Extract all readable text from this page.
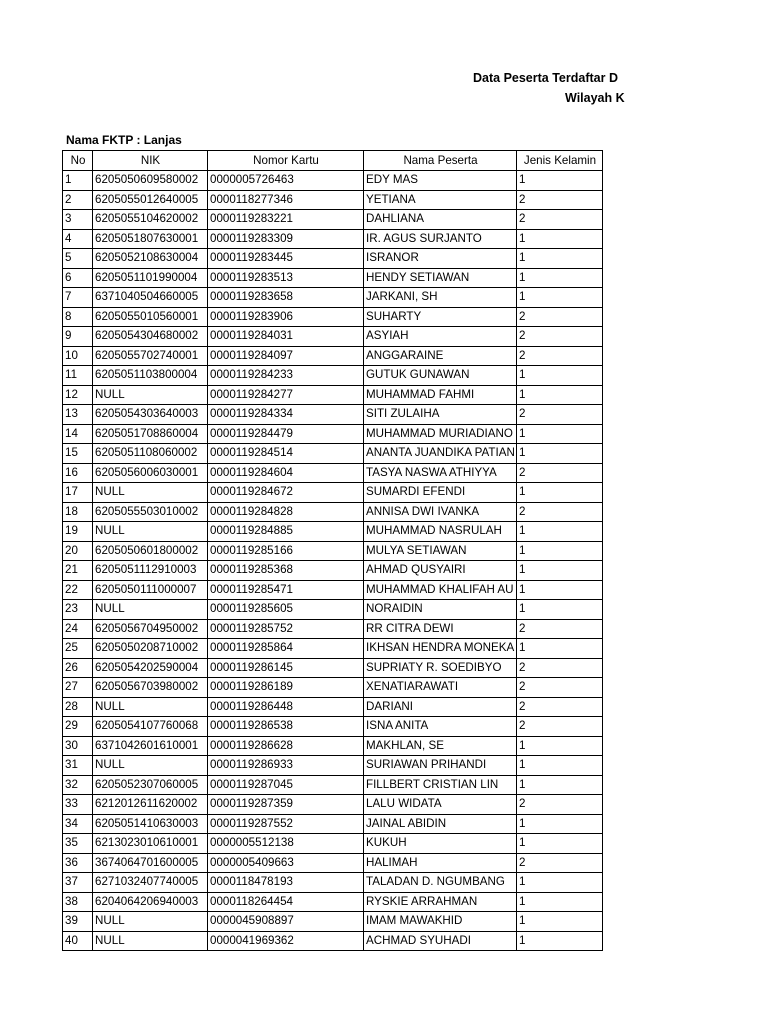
Data Peserta Terdaftar D
Wilayah K
Nama FKTP : Lanjas
No	NIK	Nomor Kartu	Nama Peserta	Jenis Kelamin
1	6205050609580002	0000005726463	EDY MAS	1
2	6205055012640005	0000118277346	YETIANA	2
3	6205055104620002	0000119283221	DAHLIANA	2
4	6205051807630001	0000119283309	IR. AGUS SURJANTO	1
5	6205052108630004	0000119283445	ISRANOR	1
6	6205051101990004	0000119283513	HENDY SETIAWAN	1
7	6371040504660005	0000119283658	JARKANI, SH	1
8	6205055010560001	0000119283906	SUHARTY	2
9	6205054304680002	0000119284031	ASYIAH	2
10	6205055702740001	0000119284097	ANGGARAINE	2
11	6205051103800004	0000119284233	GUTUK GUNAWAN	1
12	NULL	0000119284277	MUHAMMAD FAHMI	1
13	6205054303640003	0000119284334	SITI ZULAIHA	2
14	6205051708860004	0000119284479	MUHAMMAD MURIADIANO	1
15	6205051108060002	0000119284514	ANANTA JUANDIKA PATIAN	1
16	6205056006030001	0000119284604	TASYA NASWA ATHIYYA	2
17	NULL	0000119284672	SUMARDI EFENDI	1
18	6205055503010002	0000119284828	ANNISA DWI IVANKA	2
19	NULL	0000119284885	MUHAMMAD NASRULAH	1
20	6205050601800002	0000119285166	MULYA SETIAWAN	1
21	6205051112910003	0000119285368	AHMAD QUSYAIRI	1
22	6205050111000007	0000119285471	MUHAMMAD KHALIFAH AU	1
23	NULL	0000119285605	NORAIDIN	1
24	6205056704950002	0000119285752	RR CITRA DEWI	2
25	6205050208710002	0000119285864	IKHSAN HENDRA MONEKA	1
26	6205054202590004	0000119286145	SUPRIATY R. SOEDIBYO	2
27	6205056703980002	0000119286189	XENATIARAWATI	2
28	NULL	0000119286448	DARIANI	2
29	6205054107760068	0000119286538	ISNA ANITA	2
30	6371042601610001	0000119286628	MAKHLAN, SE	1
31	NULL	0000119286933	SURIAWAN PRIHANDI	1
32	6205052307060005	0000119287045	FILLBERT CRISTIAN LIN	1
33	6212012611620002	0000119287359	LALU WIDATA	2
34	6205051410630003	0000119287552	JAINAL ABIDIN	1
35	6213023010610001	0000005512138	KUKUH	1
36	3674064701600005	0000005409663	HALIMAH	2
37	6271032407740005	0000118478193	TALADAN D. NGUMBANG	1
38	6204064206940003	0000118264454	RYSKIE ARRAHMAN	1
39	NULL	0000045908897	IMAM MAWAKHID	1
40	NULL	0000041969362	ACHMAD SYUHADI	1
